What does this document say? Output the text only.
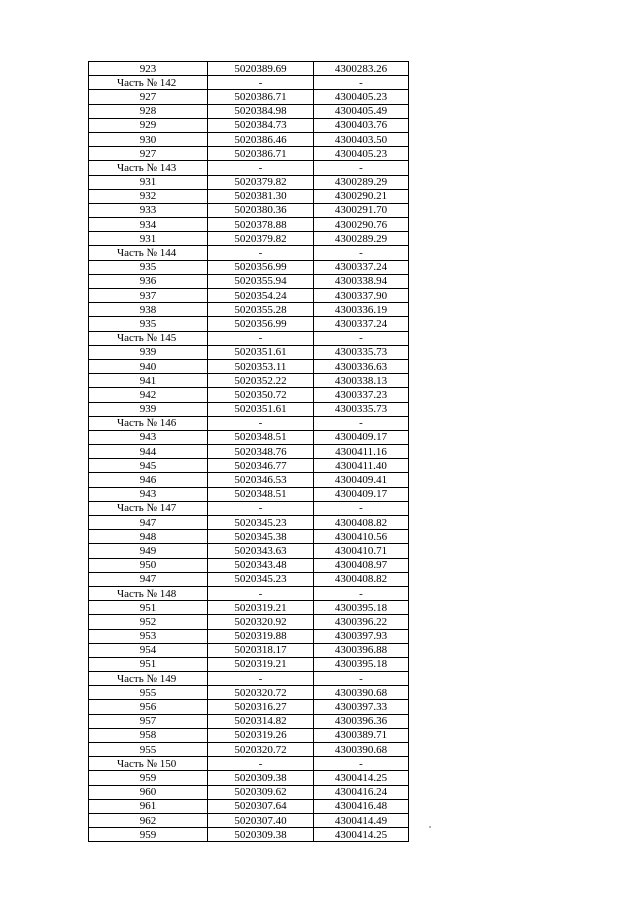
923	5020389.69	4300283.26
Часть № 142	-	-
927	5020386.71	4300405.23
928	5020384.98	4300405.49
929	5020384.73	4300403.76
930	5020386.46	4300403.50
927	5020386.71	4300405.23
Часть № 143	-	-
931	5020379.82	4300289.29
932	5020381.30	4300290.21
933	5020380.36	4300291.70
934	5020378.88	4300290.76
931	5020379.82	4300289.29
Часть № 144	-	-
935	5020356.99	4300337.24
936	5020355.94	4300338.94
937	5020354.24	4300337.90
938	5020355.28	4300336.19
935	5020356.99	4300337.24
Часть № 145	-	-
939	5020351.61	4300335.73
940	5020353.11	4300336.63
941	5020352.22	4300338.13
942	5020350.72	4300337.23
939	5020351.61	4300335.73
Часть № 146	-	-
943	5020348.51	4300409.17
944	5020348.76	4300411.16
945	5020346.77	4300411.40
946	5020346.53	4300409.41
943	5020348.51	4300409.17
Часть № 147	-	-
947	5020345.23	4300408.82
948	5020345.38	4300410.56
949	5020343.63	4300410.71
950	5020343.48	4300408.97
947	5020345.23	4300408.82
Часть № 148	-	-
951	5020319.21	4300395.18
952	5020320.92	4300396.22
953	5020319.88	4300397.93
954	5020318.17	4300396.88
951	5020319.21	4300395.18
Часть № 149	-	-
955	5020320.72	4300390.68
956	5020316.27	4300397.33
957	5020314.82	4300396.36
958	5020319.26	4300389.71
955	5020320.72	4300390.68
Часть № 150	-	-
959	5020309.38	4300414.25
960	5020309.62	4300416.24
961	5020307.64	4300416.48
962	5020307.40	4300414.49
959	5020309.38	4300414.25
